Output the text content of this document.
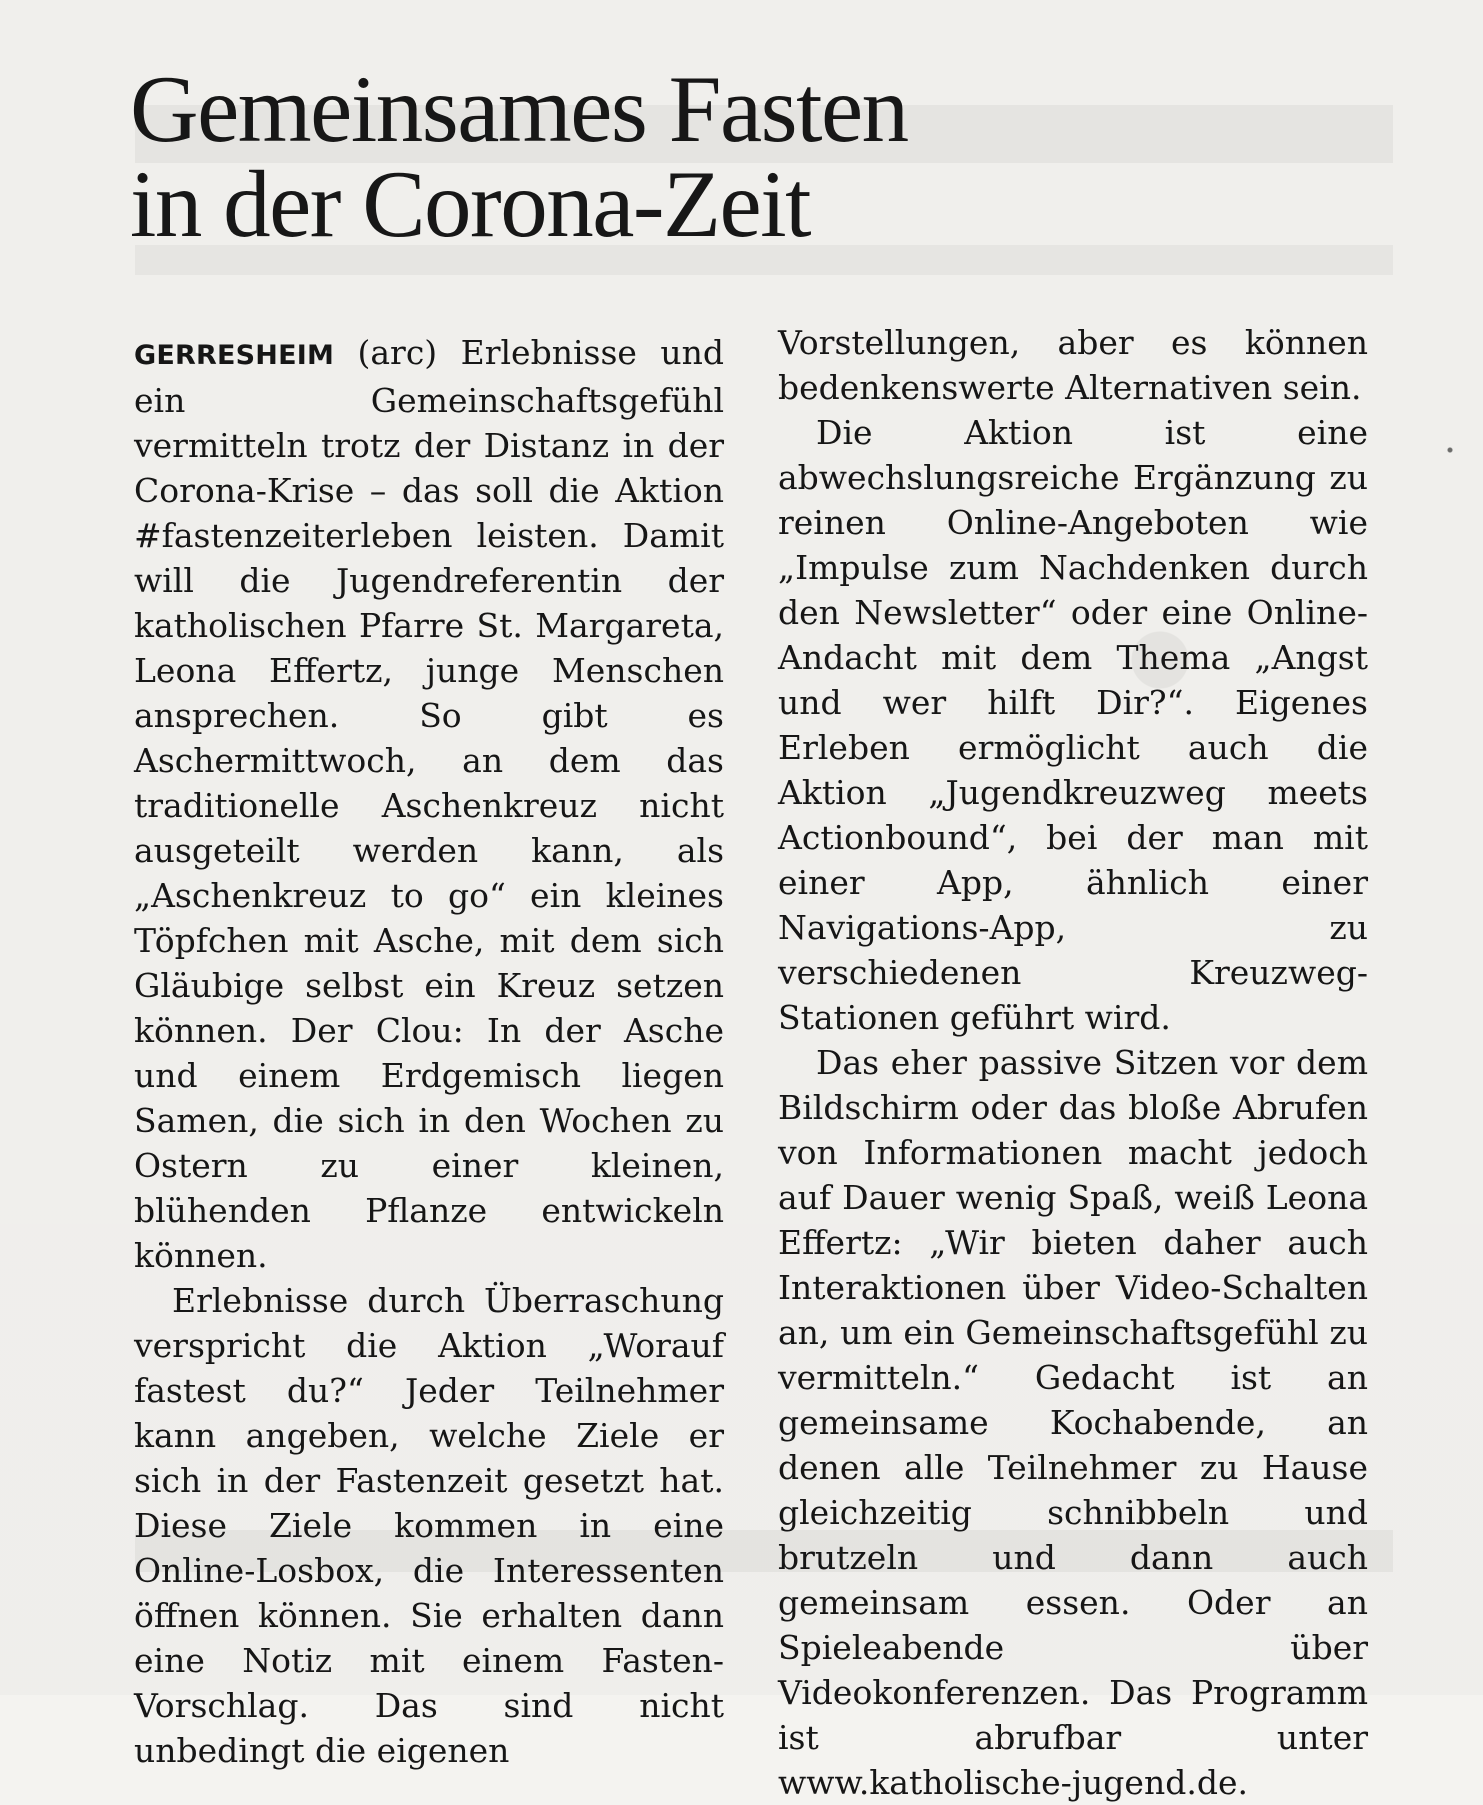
Gemeinsames Fasten
in der Corona-Zeit

GERRESHEIM (arc) Erlebnisse und ein Gemeinschaftsgefühl vermitteln trotz der Distanz in der Corona-Krise – das soll die Aktion #fastenzeiterleben leisten. Damit will die Jugendreferentin der katholischen Pfarre St. Margareta, Leona Effertz, junge Menschen ansprechen. So gibt es Aschermittwoch, an dem das traditionelle Aschenkreuz nicht ausgeteilt werden kann, als „Aschenkreuz to go“ ein kleines Töpfchen mit Asche, mit dem sich Gläubige selbst ein Kreuz setzen können. Der Clou: In der Asche und einem Erdgemisch liegen Samen, die sich in den Wochen zu Ostern zu einer kleinen, blühenden Pflanze entwickeln können.

Erlebnisse durch Überraschung verspricht die Aktion „Worauf fastest du?“ Jeder Teilnehmer kann angeben, welche Ziele er sich in der Fastenzeit gesetzt hat. Diese Ziele kommen in eine Online-Losbox, die Interessenten öffnen können. Sie erhalten dann eine Notiz mit einem Fasten-Vorschlag. Das sind nicht unbedingt die eigenen

Vorstellungen, aber es können bedenkenswerte Alternativen sein.

Die Aktion ist eine abwechslungsreiche Ergänzung zu reinen Online-Angeboten wie „Impulse zum Nachdenken durch den Newsletter“ oder eine Online-Andacht mit dem Thema „Angst und wer hilft Dir?“. Eigenes Erleben ermöglicht auch die Aktion „Jugendkreuzweg meets Actionbound“, bei der man mit einer App, ähnlich einer Navigations-App, zu verschiedenen Kreuzweg-Stationen geführt wird.

Das eher passive Sitzen vor dem Bildschirm oder das bloße Abrufen von Informationen macht jedoch auf Dauer wenig Spaß, weiß Leona Effertz: „Wir bieten daher auch Interaktionen über Video-Schalten an, um ein Gemeinschaftsgefühl zu vermitteln.“ Gedacht ist an gemeinsame Kochabende, an denen alle Teilnehmer zu Hause gleichzeitig schnibbeln und brutzeln und dann auch gemeinsam essen. Oder an Spieleabende über Videokonferenzen. Das Programm ist abrufbar unter www.katholische-jugend.de.
